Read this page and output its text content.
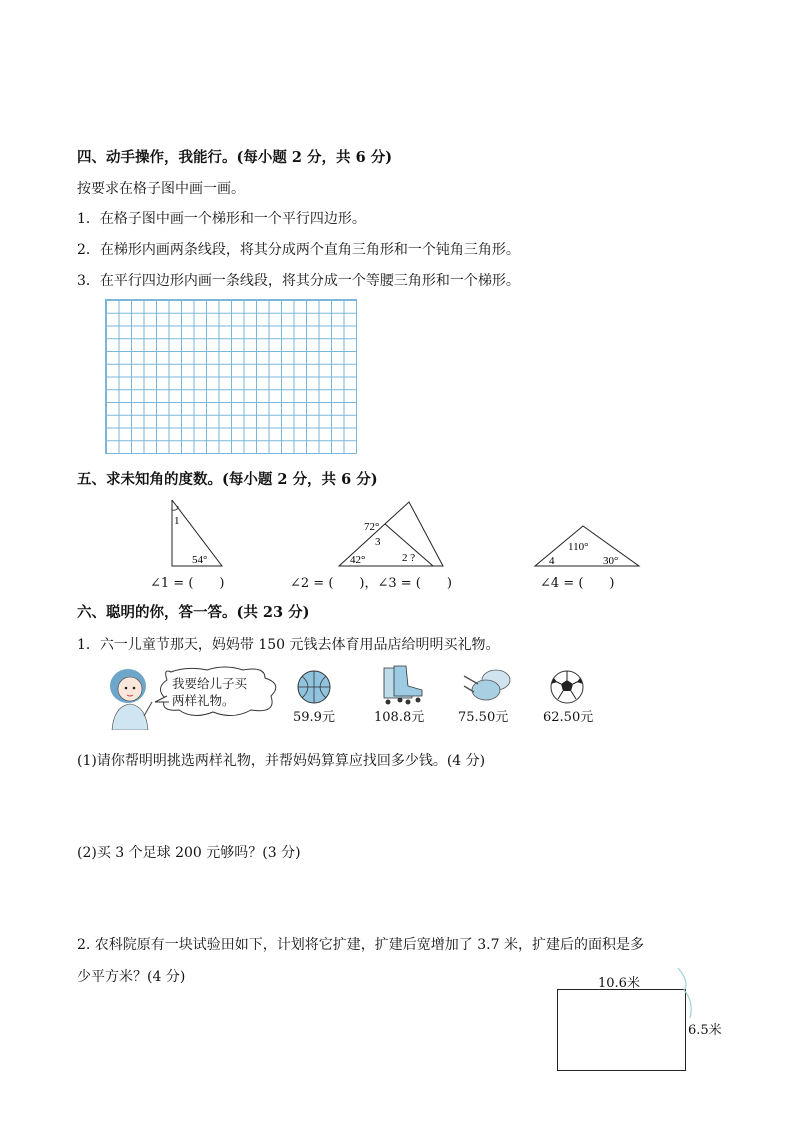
四、动手操作，我能行。(每小题 2 分，共 6 分)
按要求在格子图中画一画。
1．在格子图中画一个梯形和一个平行四边形。
2．在梯形内画两条线段，将其分成两个直角三角形和一个钝角三角形。
3．在平行四边形内画一条线段，将其分成一个等腰三角形和一个梯形。
五、求未知角的度数。(每小题 2 分，共 6 分)
1
54°
72°
42°
3
2 ?	4
110°
30°
∠1 = (　　)	∠2 = (　　)，∠3 = (　　)	∠4 = (　　)
六、聪明的你，答一答。(共 23 分)
1．六一儿童节那天，妈妈带 150 元钱去体育用品店给明明买礼物。
我要给儿子买
两样礼物。
59.9元	108.8元	75.50元	62.50元
(1)请你帮明明挑选两样礼物，并帮妈妈算算应找回多少钱。(4 分)
(2)买 3 个足球 200 元够吗？(3 分)
2. 农科院原有一块试验田如下，计划将它扩建，扩建后宽增加了 3.7 米，扩建后的面积是多
少平方米？(4 分)	10.6米
6.5米
